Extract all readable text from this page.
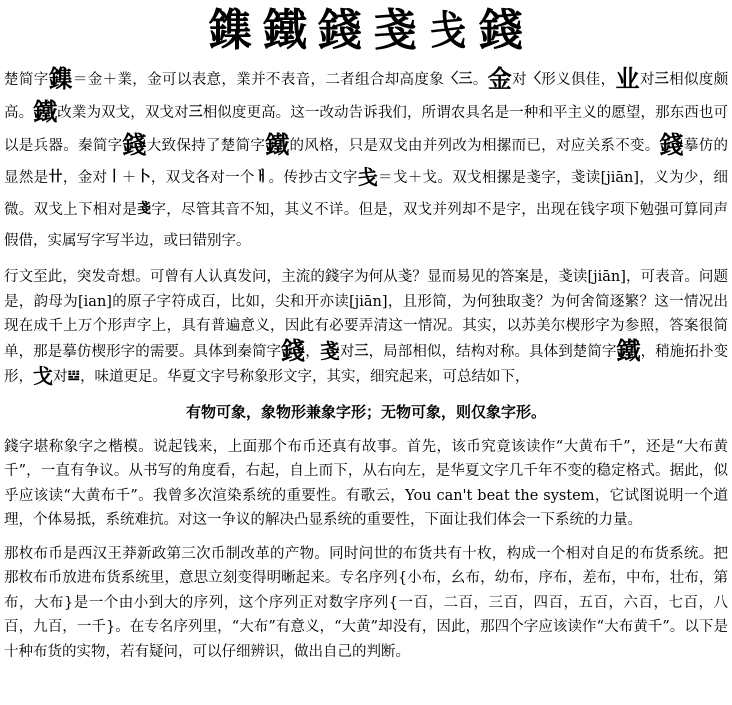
鏶 鐵 錢 戔 戋 錢

楚简字鏶＝金＋業，金可以表意，業并不表音，二者组合却高度象〈三。金对〈形义俱佳，业对三相似度颇高。鐵改業为双戈，双戈对三相似度更高。这一改动告诉我们，所谓农具名是一种和平主义的愿望，那东西也可以是兵器。秦简字錢大致保持了楚简字鐵的风格，只是双戈由并列改为相摞而已，对应关系不变。錢摹仿的显然是卄，金对丨＋卜，双戈各对一个ㅐ。传抄古文字戋＝戈＋戈。双戈相摞是戔字，戔读[jiān]，义为少，细微。双戈上下相对是戔字，尽管其音不知，其义不详。但是，双戈并列却不是字，出现在钱字项下勉强可算同声假借，实属写字写半边，或曰错别字。

行文至此，突发奇想。可曾有人认真发问，主流的錢字为何从戔？显而易见的答案是，戔读[jiān]，可表音。问题是，韵母为[ian]的原子字符成百，比如，尖和开亦读[jiān]，且形简，为何独取戔？为何舍简逐繁？这一情况出现在成千上万个形声字上，具有普遍意义，因此有必要弄清这一情况。其实，以苏美尔楔形字为参照，答案很简单，那是摹仿楔形字的需要。具体到秦简字錢，戔对三，局部相似，结构对称。具体到楚简字鐵，稍施拓扑变形，戈对𝍑，味道更足。华夏文字号称象形文字，其实，细究起来，可总结如下，

有物可象，象物形兼象字形；无物可象，则仅象字形。

錢字堪称象字之楷模。说起钱来，上面那个布币还真有故事。首先，该币究竟该读作“大黄布千”，还是“大布黄千”，一直有争议。从书写的角度看，右起，自上而下，从右向左，是华夏文字几千年不变的稳定格式。据此，似乎应该读“大黄布千”。我曾多次渲染系统的重要性。有歌云，You can't beat the system，它试图说明一个道理，个体易抵，系统难抗。对这一争议的解决凸显系统的重要性，下面让我们体会一下系统的力量。

那枚布币是西汉王莽新政第三次币制改革的产物。同时问世的布货共有十枚，构成一个相对自足的布货系统。把那枚布币放进布货系统里，意思立刻变得明晰起来。专名序列{小布，幺布，幼布，序布，差布，中布，壮布，第布，大布}是一个由小到大的序列，这个序列正对数字序列{一百，二百，三百，四百，五百，六百，七百，八百，九百，一千}。在专名序列里，“大布”有意义，“大黄”却没有，因此，那四个字应该读作“大布黄千”。以下是十种布货的实物，若有疑问，可以仔细辨识，做出自己的判断。
